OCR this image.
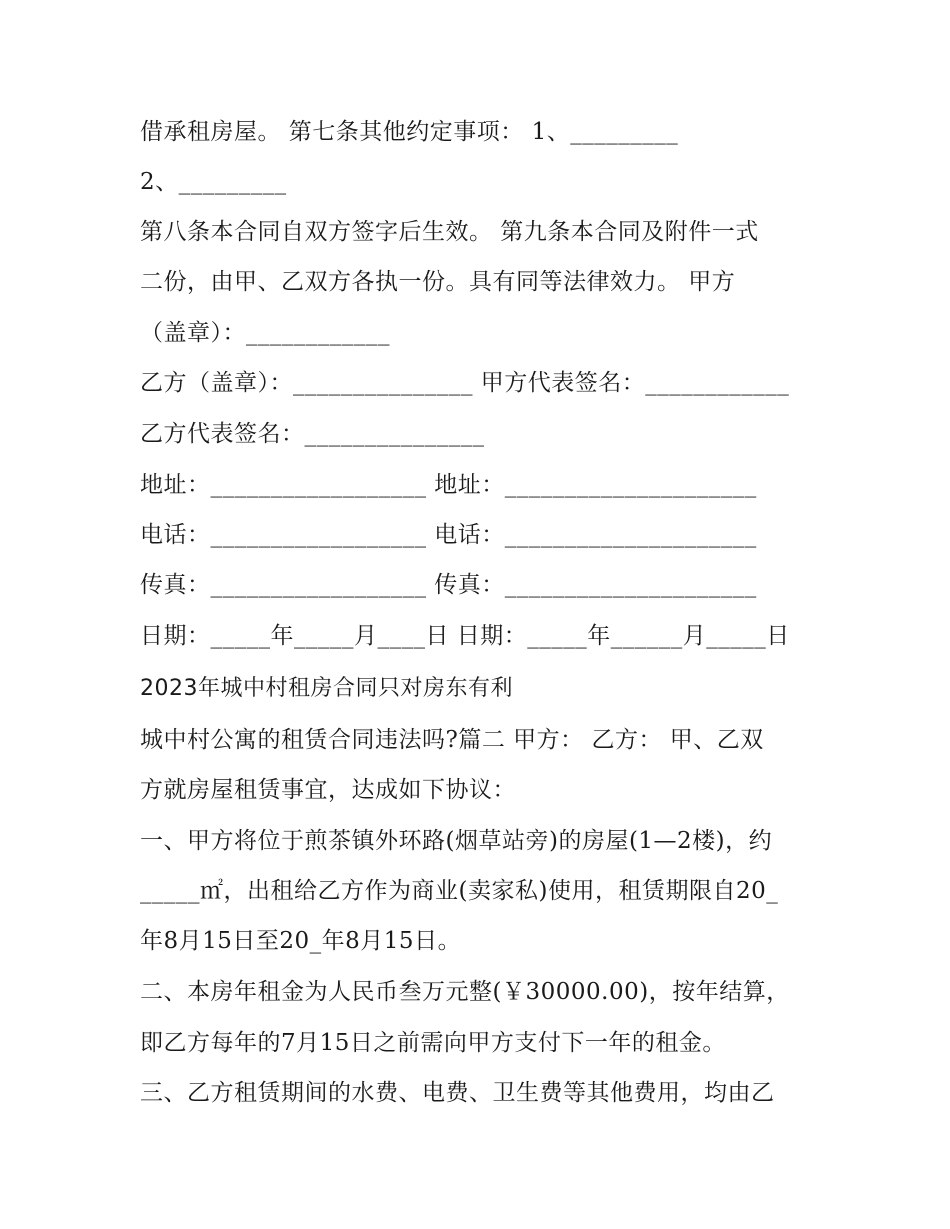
借承租房屋。 第七条其他约定事项： 1、_________
2、_________
第八条本合同自双方签字后生效。 第九条本合同及附件一式
二份，由甲、乙双方各执一份。具有同等法律效力。 甲方
（盖章）：____________
乙方（盖章）：_______________ 甲方代表签名：____________
乙方代表签名：_______________
地址：__________________ 地址：_____________________
电话：__________________ 电话：_____________________
传真：__________________ 传真：_____________________
日期：_____年_____月____日 日期：_____年______月_____日
2023年城中村租房合同只对房东有利
城中村公寓的租赁合同违法吗?篇二 甲方： 乙方： 甲、乙双
方就房屋租赁事宜，达成如下协议：
一、甲方将位于煎茶镇外环路(烟草站旁)的房屋(1—2楼)，约
_____㎡，出租给乙方作为商业(卖家私)使用，租赁期限自20_
年8月15日至20_年8月15日。
二、本房年租金为人民币叁万元整(￥30000.00)，按年结算，
即乙方每年的7月15日之前需向甲方支付下一年的租金。
三、乙方租赁期间的水费、电费、卫生费等其他费用，均由乙
